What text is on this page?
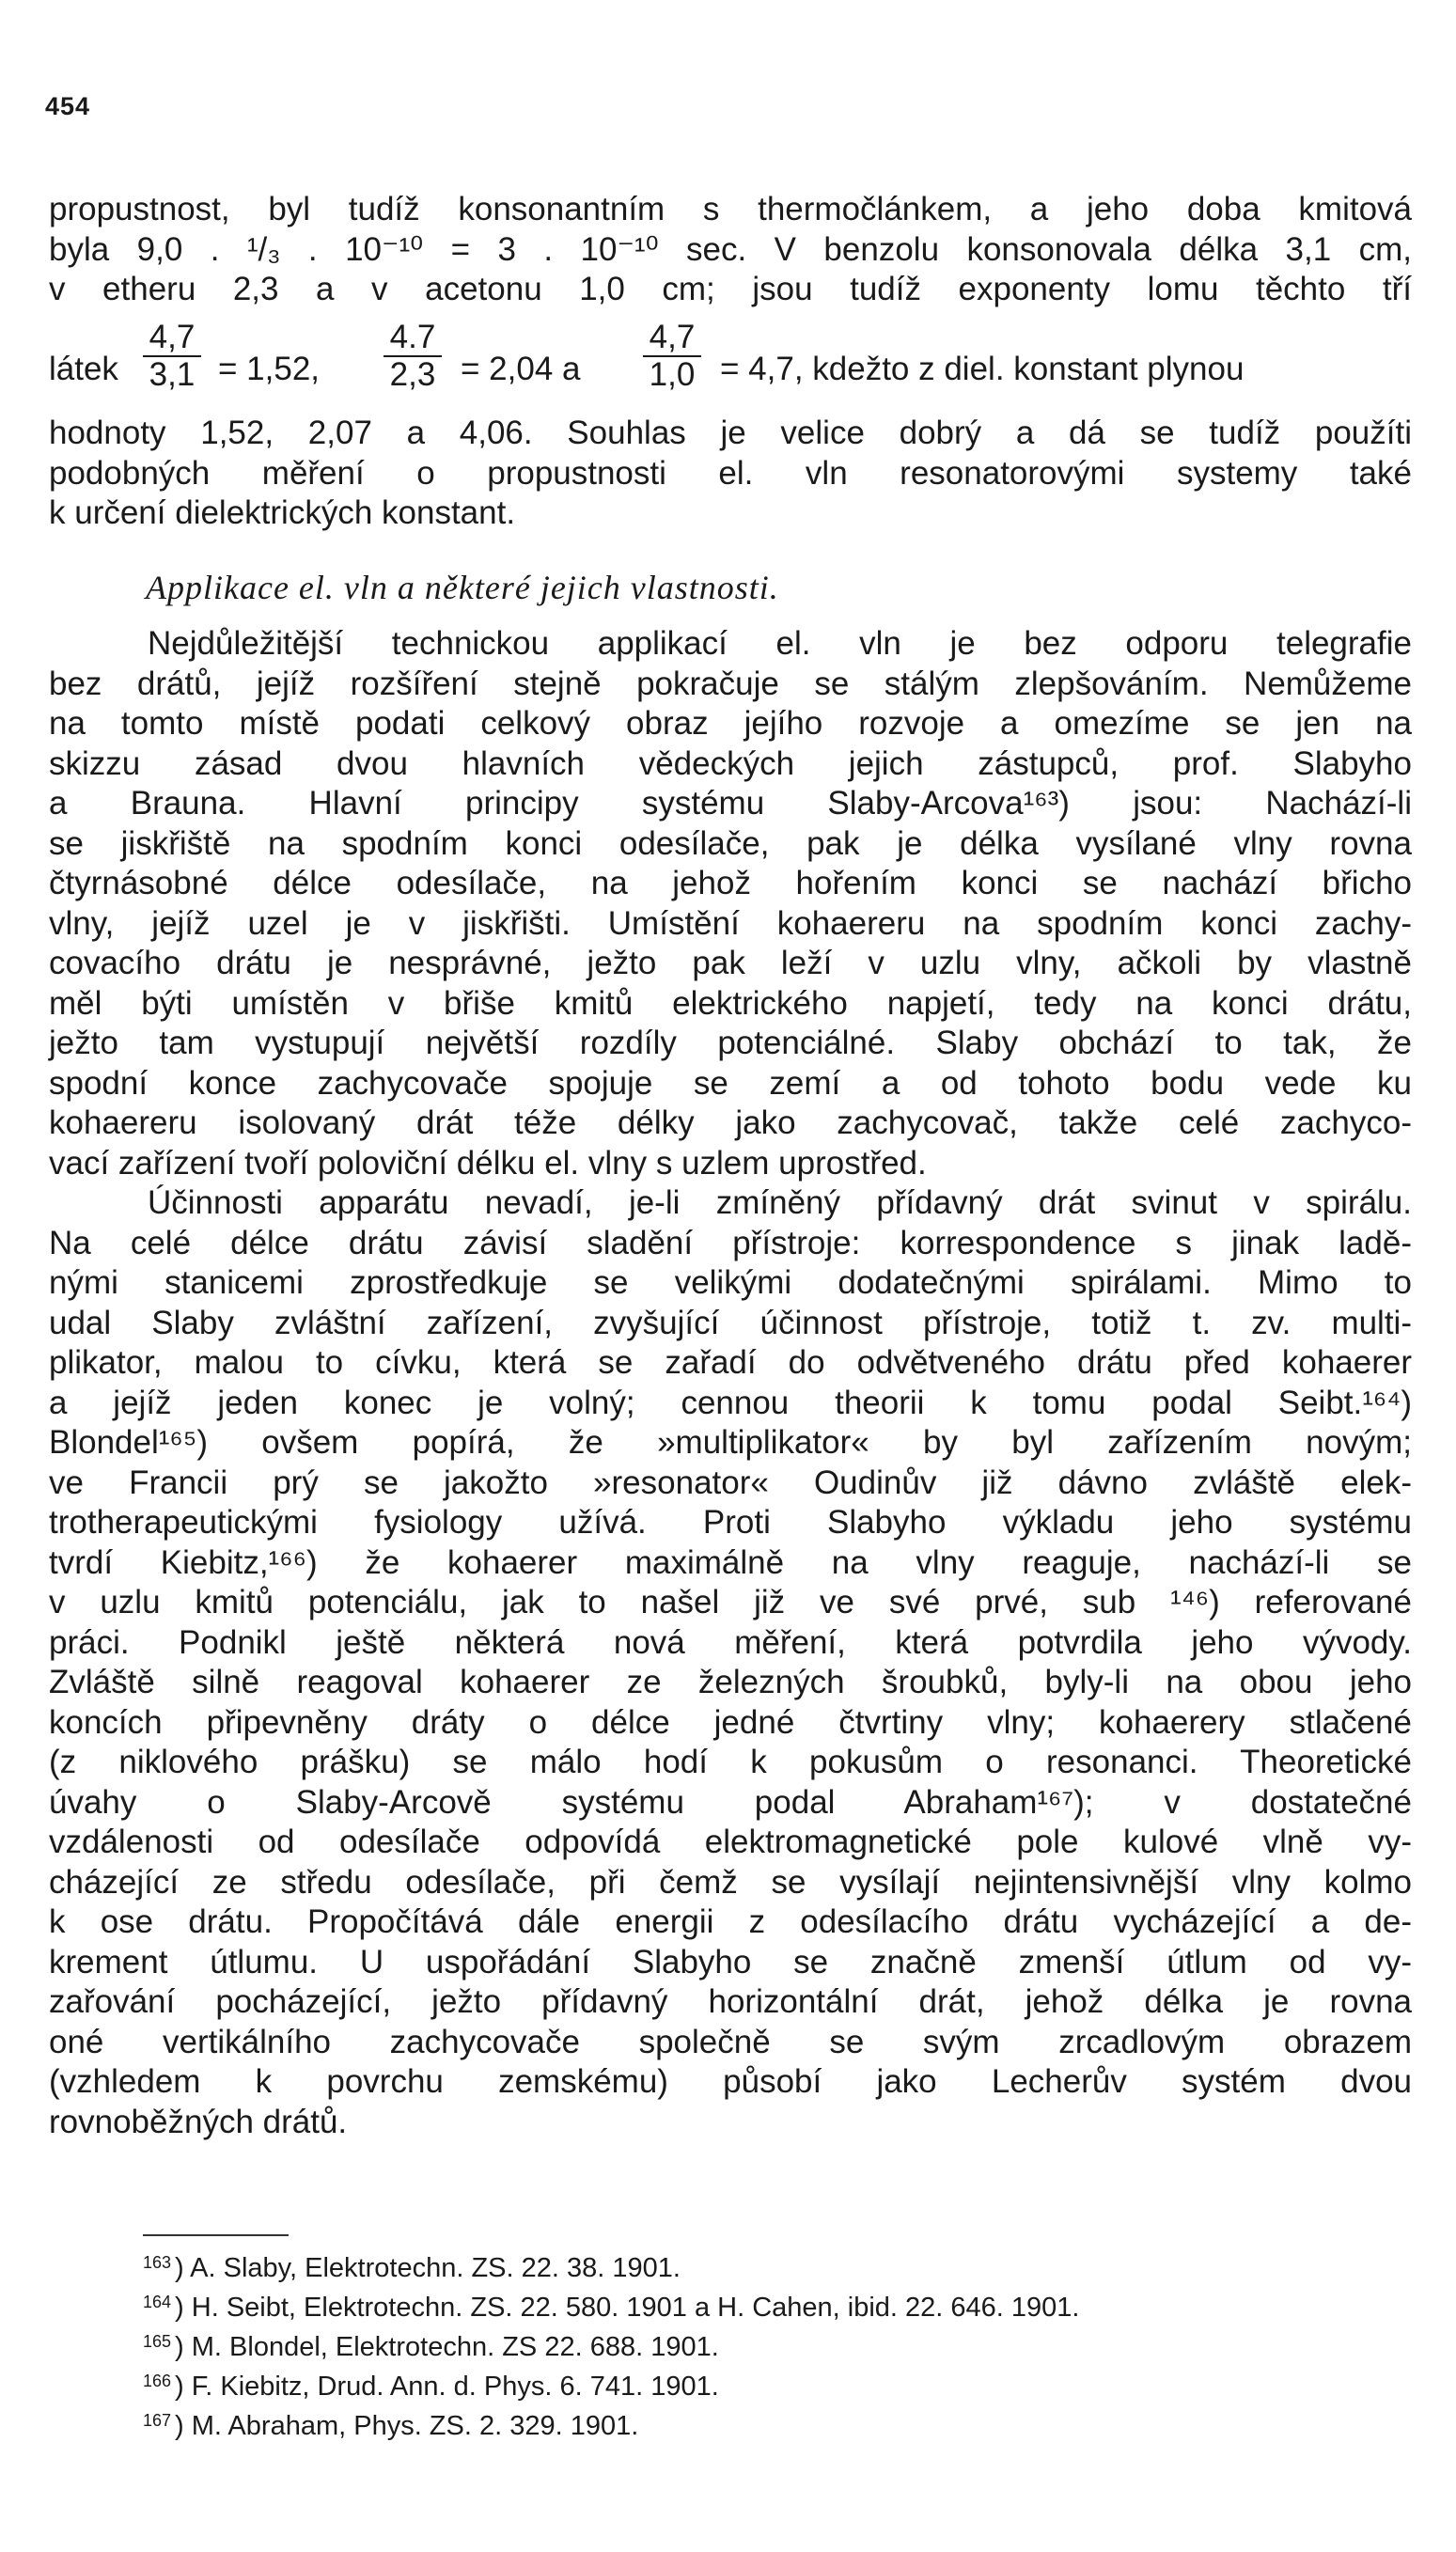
454
propustnost, byl tudíž konsonantním s thermočlánkem, a jeho doba kmitová
byla 9,0 . ¹/₃ . 10⁻¹⁰ = 3 . 10⁻¹⁰ sec. V benzolu konsonovala délka 3,1 cm,
v etheru 2,3 a v acetonu 1,0 cm; jsou tudíž exponenty lomu těchto tří
látek
4,7
3,1 = 1,52,
4.7
2,3 = 2,04 a
4,7
1,0 = 4,7, kdežto z diel. konstant plynou
hodnoty 1,52, 2,07 a 4,06. Souhlas je velice dobrý a dá se tudíž použíti
podobných měření o propustnosti el. vln resonatorovými systemy také
k určení dielektrických konstant.
Applikace el. vln a některé jejich vlastnosti.
Nejdůležitější technickou applikací el. vln je bez odporu telegrafie
bez drátů, jejíž rozšíření stejně pokračuje se stálým zlepšováním. Nemůžeme
na tomto místě podati celkový obraz jejího rozvoje a omezíme se jen na
skizzu zásad dvou hlavních vědeckých jejich zástupců, prof. Slabyho
a Brauna. Hlavní principy systému Slaby-Arcova¹⁶³) jsou: Nachází-li
se jiskřiště na spodním konci odesílače, pak je délka vysílané vlny rovna
čtyrnásobné délce odesílače, na jehož hořením konci se nachází břicho
vlny, jejíž uzel je v jiskřišti. Umístění kohaereru na spodním konci zachy-
covacího drátu je nesprávné, ježto pak leží v uzlu vlny, ačkoli by vlastně
měl býti umístěn v břiše kmitů elektrického napjetí, tedy na konci drátu,
ježto tam vystupují největší rozdíly potenciálné. Slaby obchází to tak, že
spodní konce zachycovače spojuje se zemí a od tohoto bodu vede ku
kohaereru isolovaný drát téže délky jako zachycovač, takže celé zachyco-
vací zařízení tvoří poloviční délku el. vlny s uzlem uprostřed.
Účinnosti apparátu nevadí, je-li zmíněný přídavný drát svinut v spirálu.
Na celé délce drátu závisí sladění přístroje: korrespondence s jinak ladě-
nými stanicemi zprostředkuje se velikými dodatečnými spirálami. Mimo to
udal Slaby zvláštní zařízení, zvyšující účinnost přístroje, totiž t. zv. multi-
plikator, malou to cívku, která se zařadí do odvětveného drátu před kohaerer
a jejíž jeden konec je volný; cennou theorii k tomu podal Seibt.¹⁶⁴)
Blondel¹⁶⁵) ovšem popírá, že »multiplikator« by byl zařízením novým;
ve Francii prý se jakožto »resonator« Oudinův již dávno zvláště elek-
trotherapeutickými fysiology užívá. Proti Slabyho výkladu jeho systému
tvrdí Kiebitz,¹⁶⁶) že kohaerer maximálně na vlny reaguje, nachází-li se
v uzlu kmitů potenciálu, jak to našel již ve své prvé, sub ¹⁴⁶) referované
práci. Podnikl ještě některá nová měření, která potvrdila jeho vývody.
Zvláště silně reagoval kohaerer ze železných šroubků, byly-li na obou jeho
koncích připevněny dráty o délce jedné čtvrtiny vlny; kohaerery stlačené
(z niklového prášku) se málo hodí k pokusům o resonanci. Theoretické
úvahy o Slaby-Arcově systému podal Abraham¹⁶⁷); v dostatečné
vzdálenosti od odesílače odpovídá elektromagnetické pole kulové vlně vy-
cházející ze středu odesílače, při čemž se vysílají nejintensivnější vlny kolmo
k ose drátu. Propočítává dále energii z odesílacího drátu vycházející a de-
krement útlumu. U uspořádání Slabyho se značně zmenší útlum od vy-
zařování pocházející, ježto přídavný horizontální drát, jehož délka je rovna
oné vertikálního zachycovače společně se svým zrcadlovým obrazem
(vzhledem k povrchu zemskému) působí jako Lecherův systém dvou
rovnoběžných drátů.
$^{163}$ ) A. Slaby, Elektrotechn. ZS. 22. 38. 1901.
$^{164}$ ) H. Seibt, Elektrotechn. ZS. 22. 580. 1901 a H. Cahen, ibid. 22. 646. 1901.
$^{165}$ ) M. Blondel, Elektrotechn. ZS 22. 688. 1901.
$^{166}$ ) F. Kiebitz, Drud. Ann. d. Phys. 6. 741. 1901.
$^{167}$ ) M. Abraham, Phys. ZS. 2. 329. 1901.
